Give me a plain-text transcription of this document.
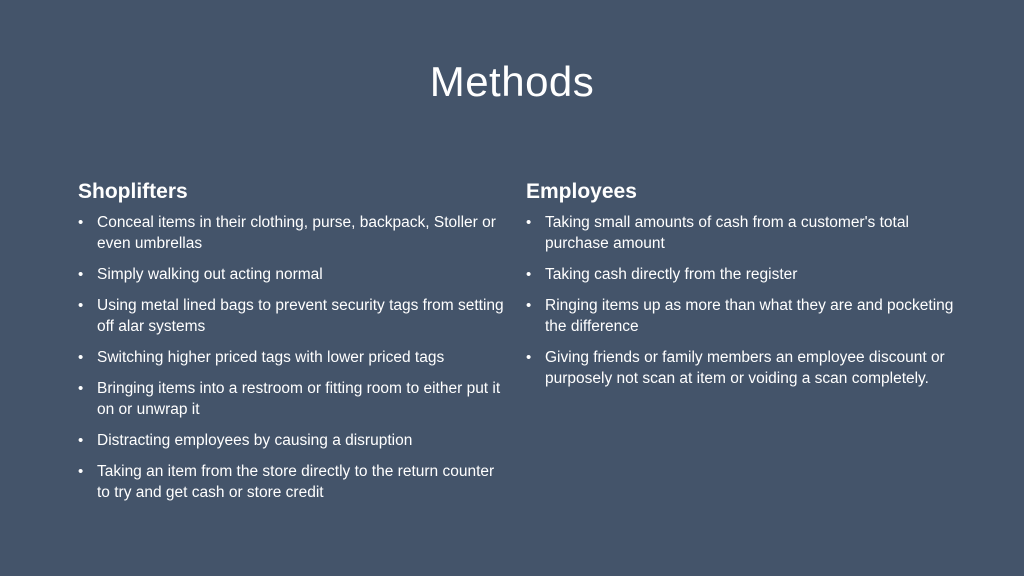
Methods
Shoplifters
• Conceal items in their clothing, purse, backpack, Stoller or even umbrellas
• Simply walking out acting normal
• Using metal lined bags to prevent security tags from setting off alar systems
• Switching higher priced tags with lower priced tags
• Bringing items into a restroom or fitting room to either put it on or unwrap it
• Distracting employees by causing a disruption
• Taking an item from the store directly to the return counter to try and get cash or store credit
Employees
• Taking small amounts of cash from a customer's total purchase amount
• Taking cash directly from the register
• Ringing items up as more than what they are and pocketing the difference
• Giving friends or family members an employee discount or purposely not scan at item or voiding a scan completely.
